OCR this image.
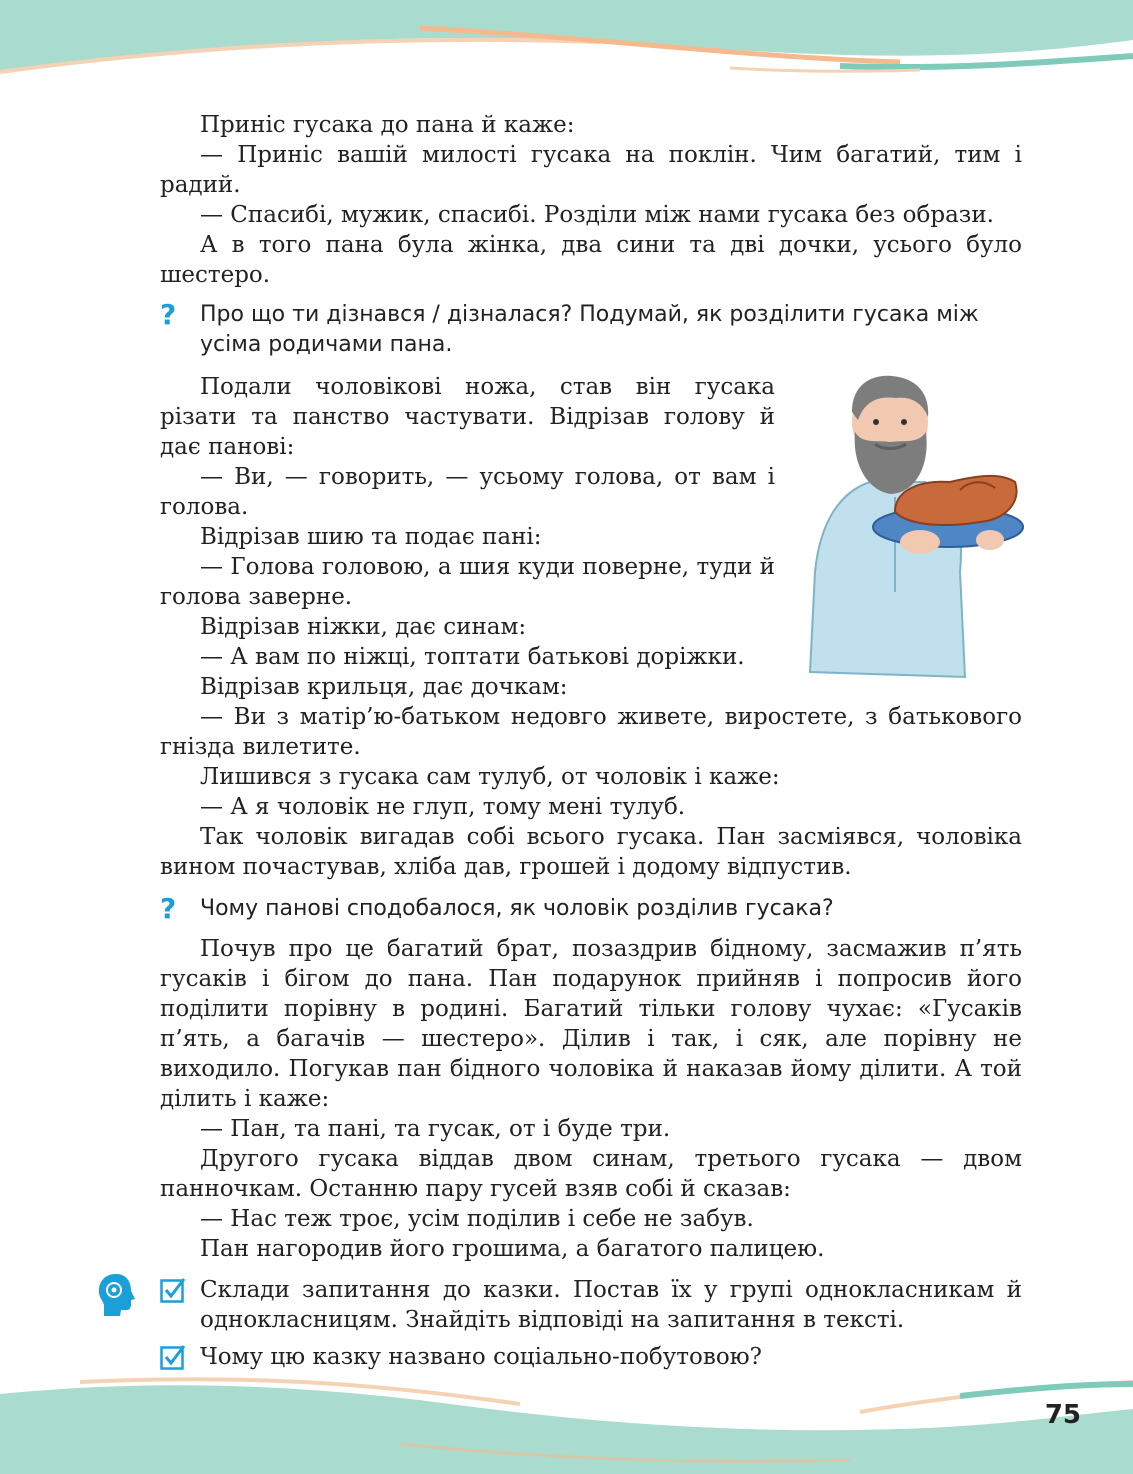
Приніс гусака до пана й каже:

— Приніс вашій милості гусака на поклін. Чим багатий, тим і радий.

— Спасибі, мужик, спасибі. Розділи між нами гусака без образи.

А в того пана була жінка, два сини та дві дочки, усього було шестеро.

? Про що ти дізнався / дізналася? Подумай, як розділити гусака між усіма родичами пана.

Подали чоловікові ножа, став він гусака різати та панство частувати. Відрізав голову й дає панові:

— Ви, — говорить, — усьому голова, от вам і голова.

Відрізав шию та подає пані:

— Голова головою, а шия куди поверне, туди й голова заверне.

Відрізав ніжки, дає синам:

— А вам по ніжці, топтати батькові доріжки.

Відрізав крильця, дає дочкам:

— Ви з матір’ю-батьком недовго живете, виростете, з батькового гнізда вилетите.

Лишився з гусака сам тулуб, от чоловік і каже:

— А я чоловік не глуп, тому мені тулуб.

Так чоловік вигадав собі всього гусака. Пан засміявся, чоловіка вином почастував, хліба дав, грошей і додому відпустив.

? Чому панові сподобалося, як чоловік розділив гусака?

Почув про це багатий брат, позаздрив бідному, засмажив п’ять гусаків і бігом до пана. Пан подарунок прийняв і попросив його поділити порівну в родині. Багатий тільки голову чухає: «Гусаків п’ять, а багачів — шестеро». Ділив і так, і сяк, але порівну не виходило. Погукав пан бідного чоловіка й наказав йому ділити. А той ділить і каже:

— Пан, та пані, та гусак, от і буде три.

Другого гусака віддав двом синам, третього гусака — двом панночкам. Останню пару гусей взяв собі й сказав:

— Нас теж троє, усім поділив і себе не забув.

Пан нагородив його грошима, а багатого палицею.

Склади запитання до казки. Постав їх у групі однокласникам й однокласницям. Знайдіть відповіді на запитання в тексті.
Чому цю казку названо соціально-побутовою?
75
